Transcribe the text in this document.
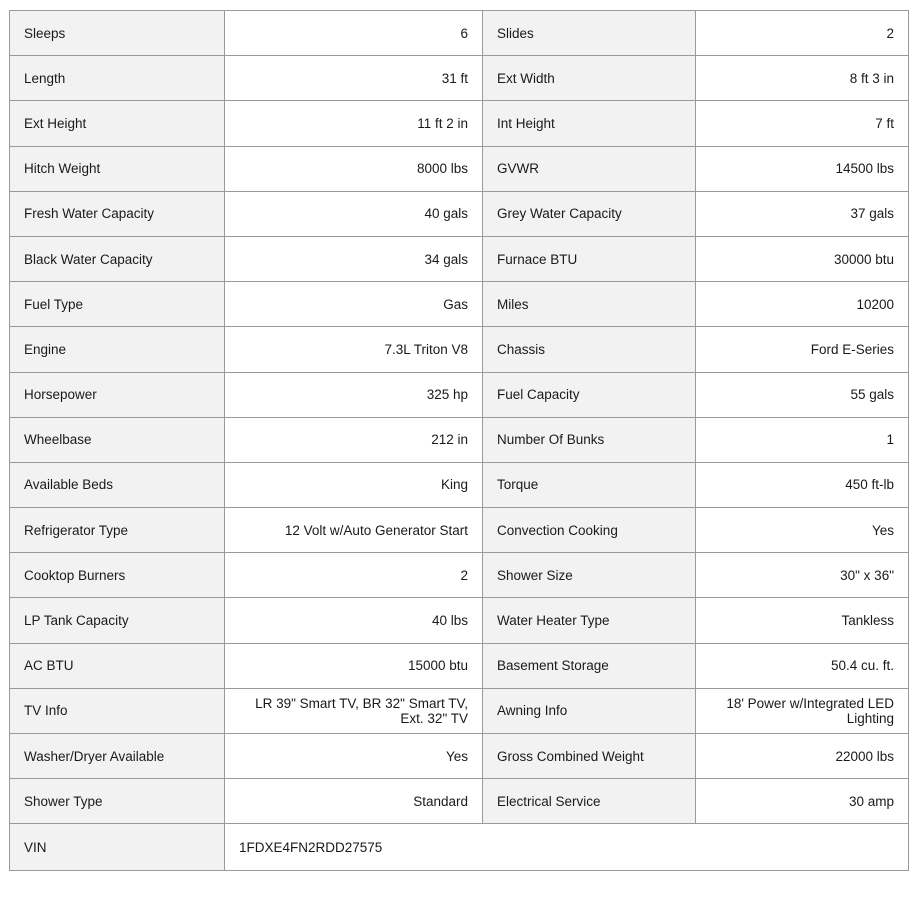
Sleeps	6	Slides	2
Length	31 ft	Ext Width	8 ft 3 in
Ext Height	11 ft 2 in	Int Height	7 ft
Hitch Weight	8000 lbs	GVWR	14500 lbs
Fresh Water Capacity	40 gals	Grey Water Capacity	37 gals
Black Water Capacity	34 gals	Furnace BTU	30000 btu
Fuel Type	Gas	Miles	10200
Engine	7.3L Triton V8	Chassis	Ford E-Series
Horsepower	325 hp	Fuel Capacity	55 gals
Wheelbase	212 in	Number Of Bunks	1
Available Beds	King	Torque	450 ft-lb
Refrigerator Type	12 Volt w/Auto Generator Start	Convection Cooking	Yes
Cooktop Burners	2	Shower Size	30" x 36"
LP Tank Capacity	40 lbs	Water Heater Type	Tankless
AC BTU	15000 btu	Basement Storage	50.4 cu. ft.
TV Info	LR 39" Smart TV, BR 32" Smart TV, Ext. 32" TV	Awning Info	18' Power w/Integrated LED Lighting
Washer/Dryer Available	Yes	Gross Combined Weight	22000 lbs
Shower Type	Standard	Electrical Service	30 amp
VIN	1FDXE4FN2RDD27575		
